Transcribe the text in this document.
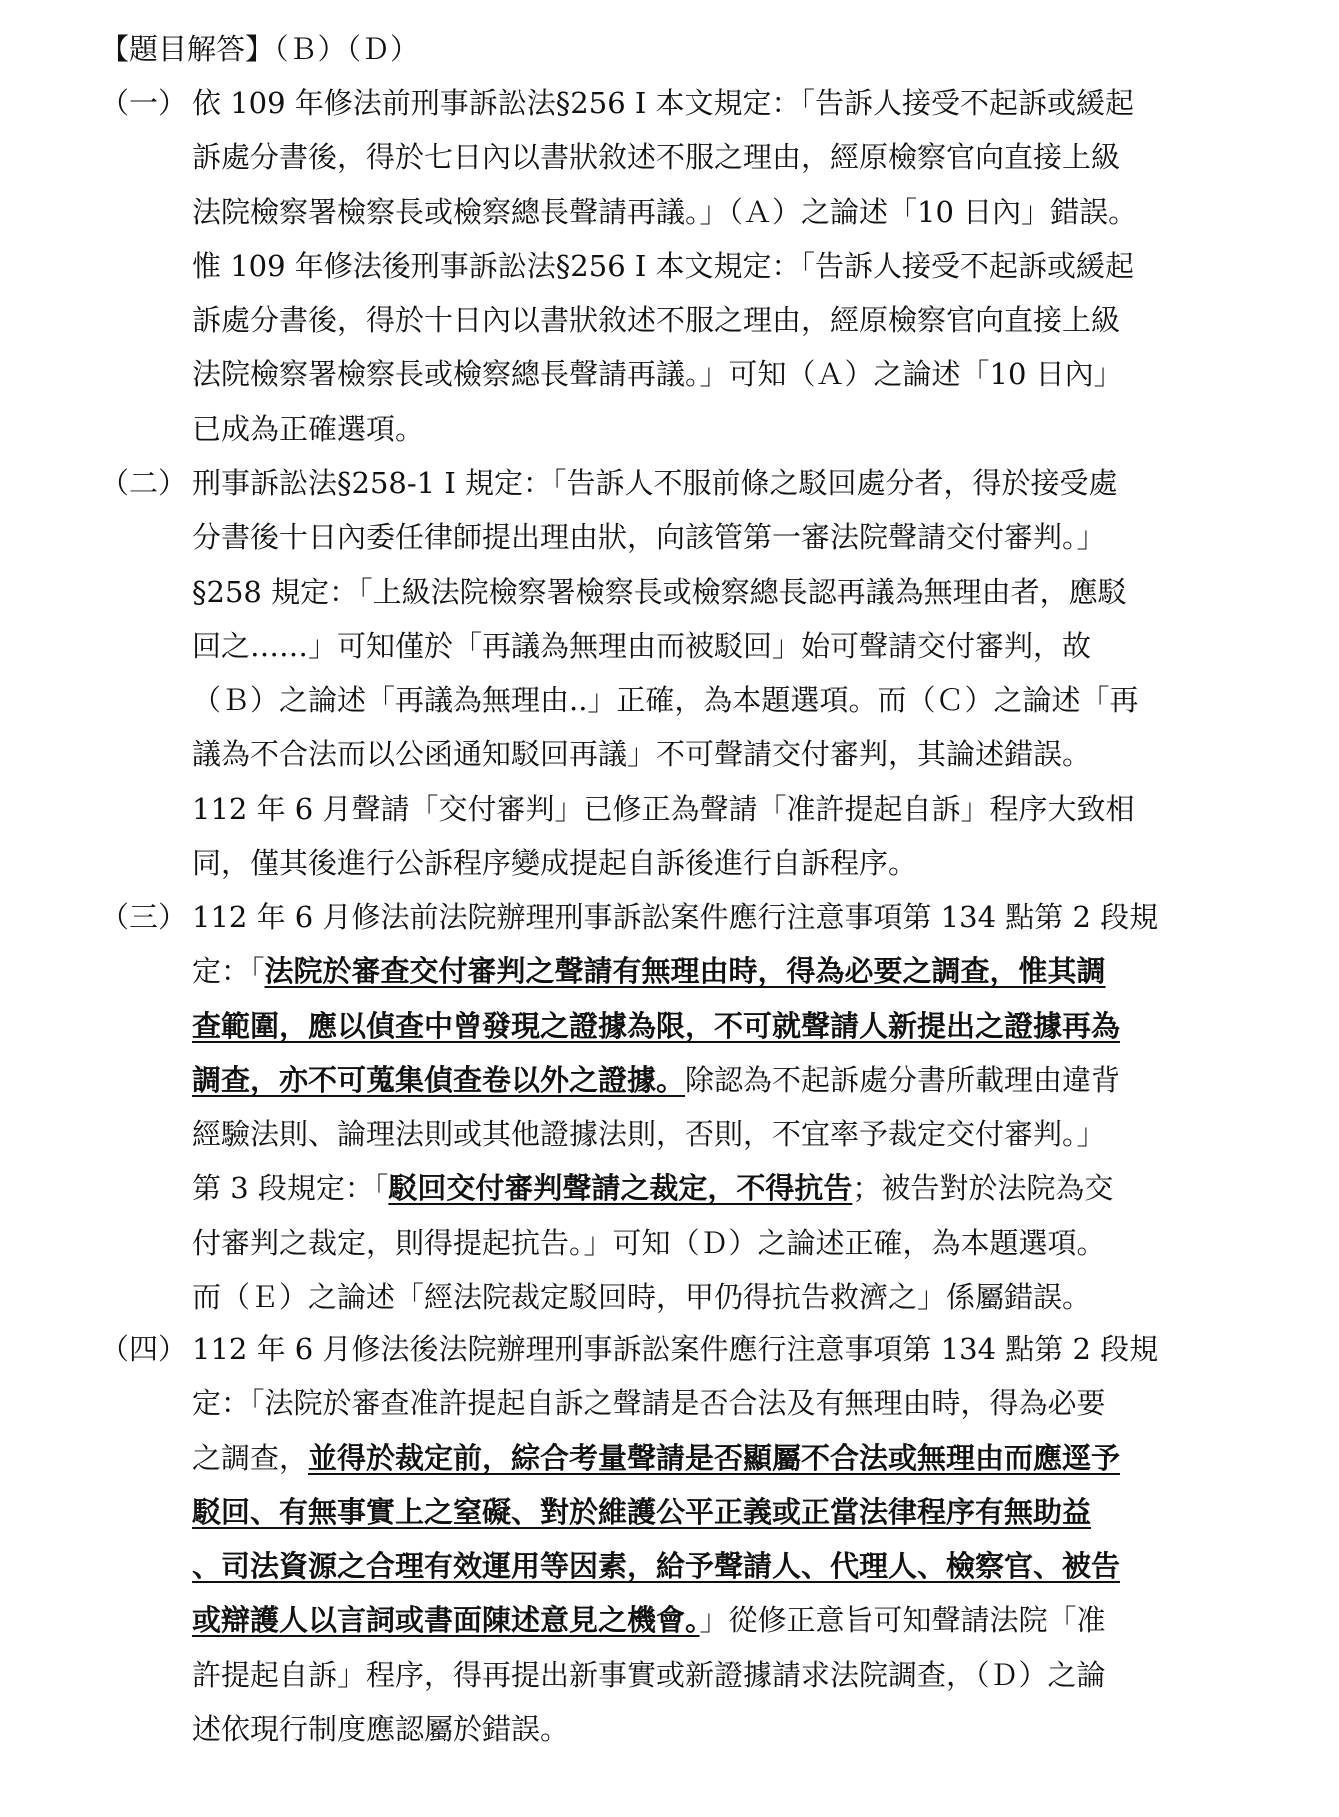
【題目解答】（Ｂ）（Ｄ）
（一） 依 109 年修法前刑事訴訟法§256 I 本文規定：「告訴人接受不起訴或緩起
訴處分書後，得於七日內以書狀敘述不服之理由，經原檢察官向直接上級
法院檢察署檢察長或檢察總長聲請再議。」（Ａ）之論述「10 日內」錯誤。
惟 109 年修法後刑事訴訟法§256 I 本文規定：「告訴人接受不起訴或緩起
訴處分書後，得於十日內以書狀敘述不服之理由，經原檢察官向直接上級
法院檢察署檢察長或檢察總長聲請再議。」可知（Ａ）之論述「10 日內」
已成為正確選項。
（二） 刑事訴訟法§258-1 I 規定：「告訴人不服前條之駁回處分者，得於接受處
分書後十日內委任律師提出理由狀，向該管第一審法院聲請交付審判。」
§258 規定：「上級法院檢察署檢察長或檢察總長認再議為無理由者，應駁
回之……」可知僅於「再議為無理由而被駁回」始可聲請交付審判，故
（Ｂ）之論述「再議為無理由..」正確，為本題選項。而（Ｃ）之論述「再
議為不合法而以公函通知駁回再議」不可聲請交付審判，其論述錯誤。
112 年 6 月聲請「交付審判」已修正為聲請「准許提起自訴」程序大致相
同，僅其後進行公訴程序變成提起自訴後進行自訴程序。
（三） 112 年 6 月修法前法院辦理刑事訴訟案件應行注意事項第 134 點第 2 段規
定：「法院於審查交付審判之聲請有無理由時，得為必要之調查，惟其調
查範圍，應以偵查中曾發現之證據為限，不可就聲請人新提出之證據再為
調查，亦不可蒐集偵查卷以外之證據。除認為不起訴處分書所載理由違背
經驗法則、論理法則或其他證據法則，否則，不宜率予裁定交付審判。」
第 3 段規定：「駁回交付審判聲請之裁定，不得抗告；被告對於法院為交
付審判之裁定，則得提起抗告。」可知（Ｄ）之論述正確，為本題選項。
而（Ｅ）之論述「經法院裁定駁回時，甲仍得抗告救濟之」係屬錯誤。
（四） 112 年 6 月修法後法院辦理刑事訴訟案件應行注意事項第 134 點第 2 段規
定：「法院於審查准許提起自訴之聲請是否合法及有無理由時，得為必要
之調查，並得於裁定前，綜合考量聲請是否顯屬不合法或無理由而應逕予
駁回、有無事實上之窒礙、對於維護公平正義或正當法律程序有無助益
、司法資源之合理有效運用等因素，給予聲請人、代理人、檢察官、被告
或辯護人以言詞或書面陳述意見之機會。」從修正意旨可知聲請法院「准
許提起自訴」程序，得再提出新事實或新證據請求法院調查，（Ｄ）之論
述依現行制度應認屬於錯誤。
